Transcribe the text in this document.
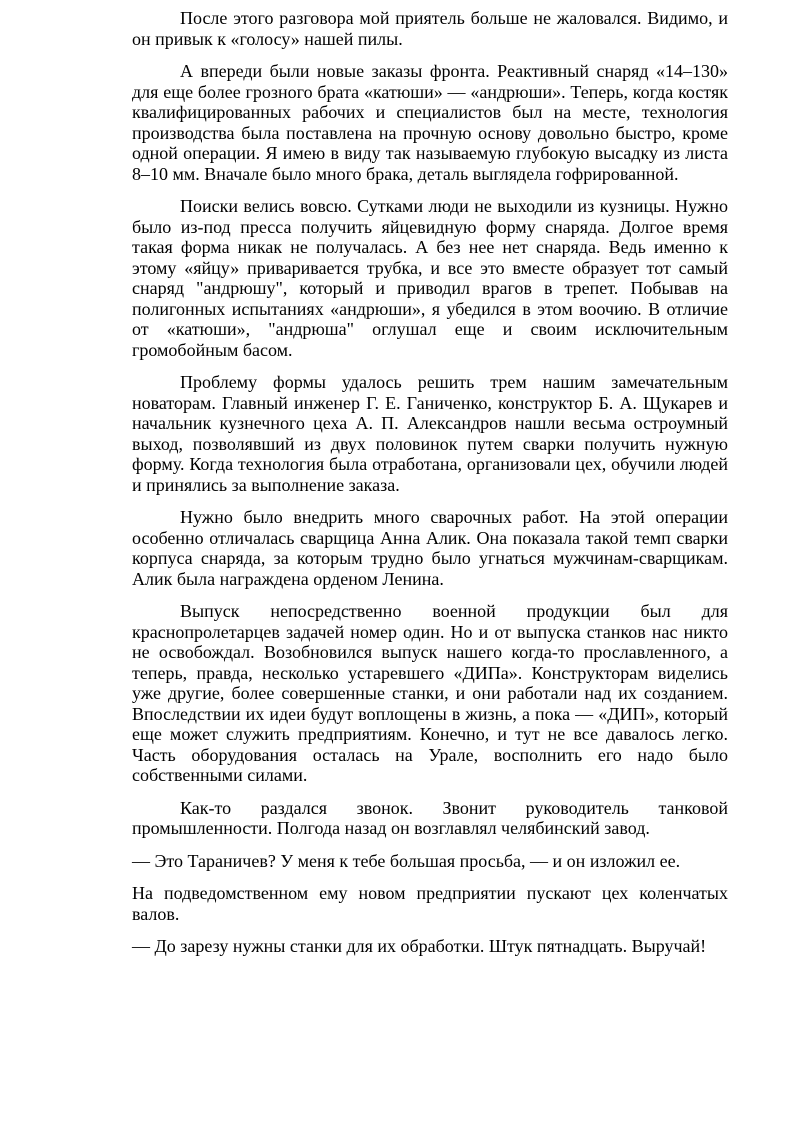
После этого разговора мой приятель больше не жаловался. Видимо, и он привык к «голосу» нашей пилы.

А впереди были новые заказы фронта. Реактивный снаряд «14–130» для еще более грозного брата «катюши» — «андрюши». Теперь, когда костяк квалифицированных рабочих и специалистов был на месте, технология производства была поставлена на прочную основу довольно быстро, кроме одной операции. Я имею в виду так называемую глубокую высадку из листа 8–10 мм. Вначале было много брака, деталь выглядела гофрированной.

Поиски велись вовсю. Сутками люди не выходили из кузницы. Нужно было из-под пресса получить яйцевидную форму снаряда. Долгое время такая форма никак не получалась. А без нее нет снаряда. Ведь именно к этому «яйцу» приваривается трубка, и все это вместе образует тот самый снаряд "андрюшу", который и приводил врагов в трепет. Побывав на полигонных испытаниях «андрюши», я убедился в этом воочию. В отличие от «катюши», "андрюша" оглушал еще и своим исключительным громобойным басом.

Проблему формы удалось решить трем нашим замечательным новаторам. Главный инженер Г. Е. Ганиченко, конструктор Б. А. Щукарев и начальник кузнечного цеха А. П. Александров нашли весьма остроумный выход, позволявший из двух половинок путем сварки получить нужную форму. Когда технология была отработана, организовали цех, обучили людей и принялись за выполнение заказа.

Нужно было внедрить много сварочных работ. На этой операции особенно отличалась сварщица Анна Алик. Она показала такой темп сварки корпуса снаряда, за которым трудно было угнаться мужчинам-сварщикам. Алик была награждена орденом Ленина.

Выпуск непосредственно военной продукции был для краснопролетарцев задачей номер один. Но и от выпуска станков нас никто не освобождал. Возобновился выпуск нашего когда-то прославленного, а теперь, правда, несколько устаревшего «ДИПа». Конструкторам виделись уже другие, более совершенные станки, и они работали над их созданием. Впоследствии их идеи будут воплощены в жизнь, а пока — «ДИП», который еще может служить предприятиям. Конечно, и тут не все давалось легко. Часть оборудования осталась на Урале, восполнить его надо было собственными силами.

Как-то раздался звонок. Звонит руководитель танковой промышленности. Полгода назад он возглавлял челябинский завод.

— Это Тараничев? У меня к тебе большая просьба, — и он изложил ее.

На подведомственном ему новом предприятии пускают цех коленчатых валов.

— До зарезу нужны станки для их обработки. Штук пятнадцать. Выручай!
